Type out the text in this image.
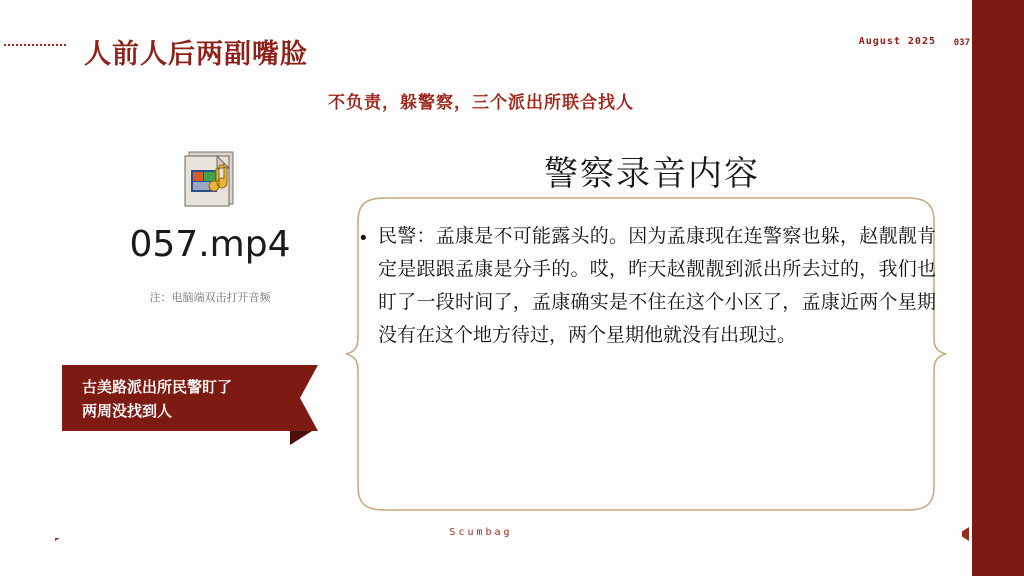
人前人后两副嘴脸	August 2025 037
不负责，躲警察，三个派出所联合找人
057.mp4
注：电脑端双击打开音频
古美路派出所民警盯了
两周没找到人
警察录音内容
• 民警：孟康是不可能露头的。因为孟康现在连警察也躲，赵靓靓肯定是跟跟孟康是分手的。哎，昨天赵靓靓到派出所去过的，我们也盯了一段时间了，孟康确实是不住在这个小区了，孟康近两个星期没有在这个地方待过，两个星期他就没有出现过。
Scumbag
